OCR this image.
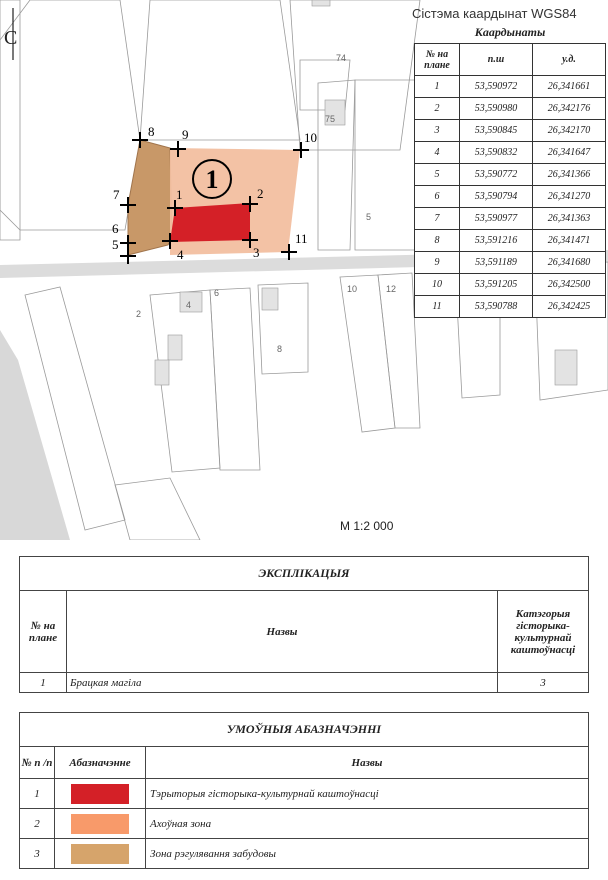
1	2
3
4
5
6
7
8 9	10
11
1
74
75
5
4
6
2
8
10	12
С
Сістэма каардынат WGS84
Каардынаты
№ на плане	п.ш	у.д.
1	53,590972	26,341661
2	53,590980	26,342176
3	53,590845	26,342170
4	53,590832	26,341647
5	53,590772	26,341366
6	53,590794	26,341270
7	53,590977	26,341363
8	53,591216	26,341471
9	53,591189	26,341680
10	53,591205	26,342500
11	53,590788	26,342425
М 1:2 000
ЭКСПЛІКАЦЫЯ		
№ на плане	Назвы	Катэгорыя гісторыка-культурнай каштоўнасці
1	Брацкая магіла	3
УМОЎНЫЯ АБАЗНАЧЭННІ		
№ п /п	Абазначэнне	Назвы
1		Тэрыторыя гісторыка-культурнай каштоўнасці
2		Ахоўная зона
3		Зона рэгулявання забудовы
